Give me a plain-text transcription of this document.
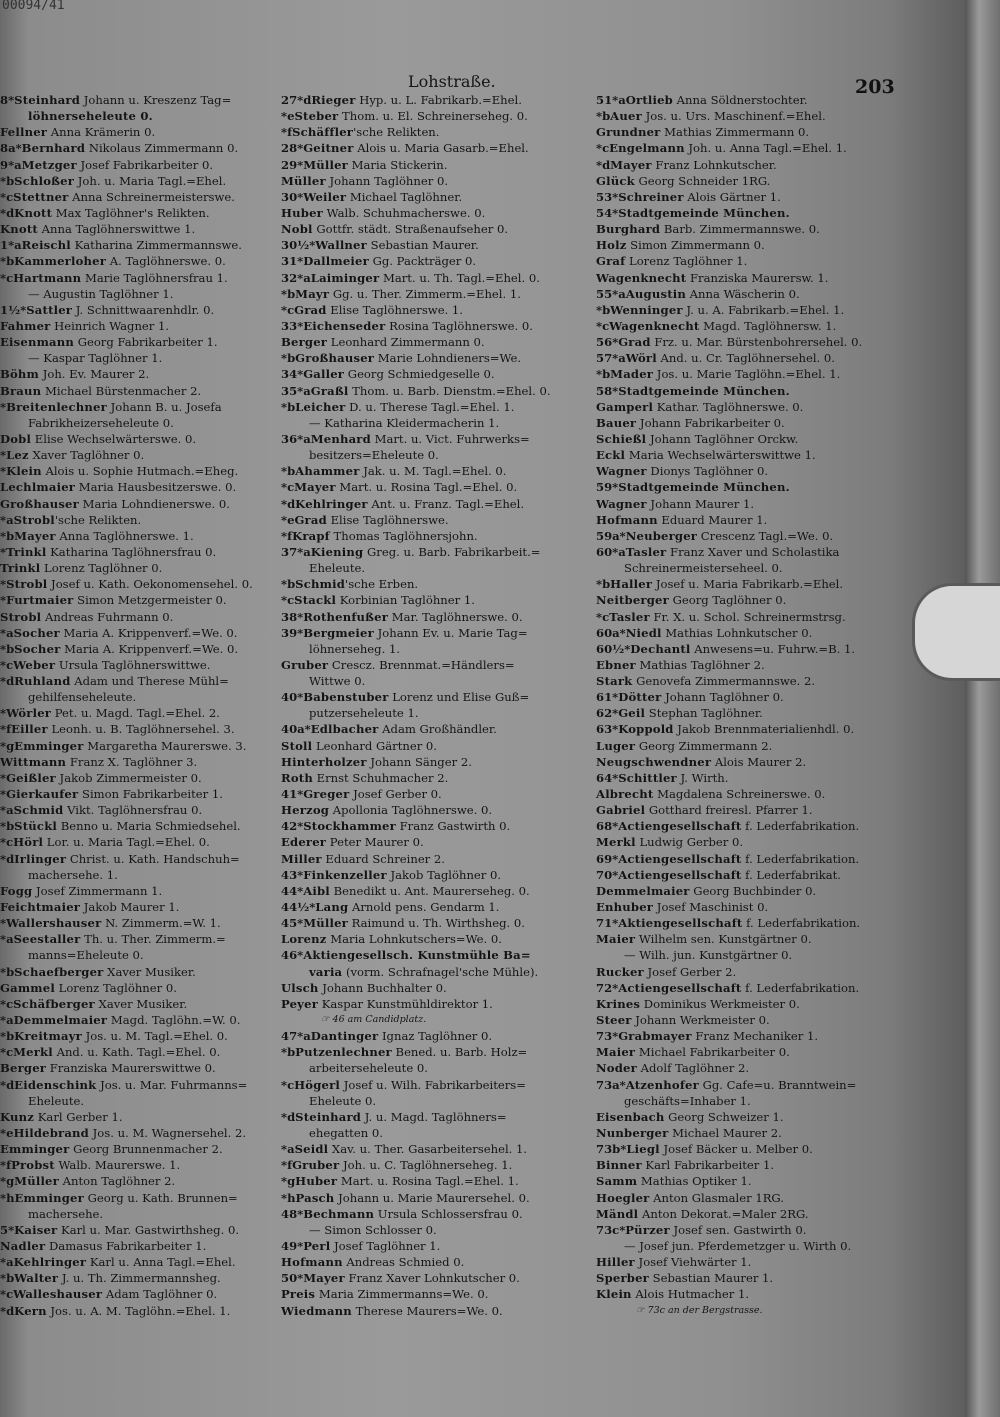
00094/41
Lohstraße.	203
8*Steinhard Johann u. Kreszenz Tag=
löhnerseheleute 0.
Fellner Anna Krämerin 0.
8a*Bernhard Nikolaus Zimmermann 0.
9*aMetzger Josef Fabrikarbeiter 0.
*bSchloßer Joh. u. Maria Tagl.=Ehel.
*cStettner Anna Schreinermeisterswe.
*dKnott Max Taglöhner's Relikten.
Knott Anna Taglöhnerswittwe 1.
1*aReischl Katharina Zimmermannswe.
*bKammerloher A. Taglöhnerswe. 0.
*cHartmann Marie Taglöhnersfrau 1.
— Augustin Taglöhner 1.
1½*Sattler J. Schnittwaarenhdlr. 0.
Fahmer Heinrich Wagner 1.
Eisenmann Georg Fabrikarbeiter 1.
— Kaspar Taglöhner 1.
Böhm Joh. Ev. Maurer 2.
Braun Michael Bürstenmacher 2.
*Breitenlechner Johann B. u. Josefa
Fabrikheizerseheleute 0.
Dobl Elise Wechselwärterswe. 0.
*Lez Xaver Taglöhner 0.
*Klein Alois u. Sophie Hutmach.=Eheg.
Lechlmaier Maria Hausbesitzerswe. 0.
Großhauser Maria Lohndienerswe. 0.
*aStrobl'sche Relikten.
*bMayer Anna Taglöhnerswe. 1.
*Trinkl Katharina Taglöhnersfrau 0.
Trinkl Lorenz Taglöhner 0.
*Strobl Josef u. Kath. Oekonomensehel. 0.
*Furtmaier Simon Metzgermeister 0.
Strobl Andreas Fuhrmann 0.
*aSocher Maria A. Krippenverf.=We. 0.
*bSocher Maria A. Krippenverf.=We. 0.
*cWeber Ursula Taglöhnerswittwe.
*dRuhland Adam und Therese Mühl=
gehilfenseheleute.
*Wörler Pet. u. Magd. Tagl.=Ehel. 2.
*fEiller Leonh. u. B. Taglöhnersehel. 3.
*gEmminger Margaretha Maurerswe. 3.
Wittmann Franz X. Taglöhner 3.
*Geißler Jakob Zimmermeister 0.
*Gierkaufer Simon Fabrikarbeiter 1.
*aSchmid Vikt. Taglöhnersfrau 0.
*bStückl Benno u. Maria Schmiedsehel.
*cHörl Lor. u. Maria Tagl.=Ehel. 0.
*dIrlinger Christ. u. Kath. Handschuh=
machersehe. 1.
Fogg Josef Zimmermann 1.
Feichtmaier Jakob Maurer 1.
*Wallershauser N. Zimmerm.=W. 1.
*aSeestaller Th. u. Ther. Zimmerm.=
manns=Eheleute 0.
*bSchaefberger Xaver Musiker.
Gammel Lorenz Taglöhner 0.
*cSchäfberger Xaver Musiker.
*aDemmelmaier Magd. Taglöhn.=W. 0.
*bKreitmayr Jos. u. M. Tagl.=Ehel. 0.
*cMerkl And. u. Kath. Tagl.=Ehel. 0.
Berger Franziska Maurerswittwe 0.
*dEidenschink Jos. u. Mar. Fuhrmanns=
Eheleute.
Kunz Karl Gerber 1.
*eHildebrand Jos. u. M. Wagnersehel. 2.
Emminger Georg Brunnenmacher 2.
*fProbst Walb. Maurerswe. 1.
*gMüller Anton Taglöhner 2.
*hEmminger Georg u. Kath. Brunnen=
machersehe.
5*Kaiser Karl u. Mar. Gastwirthsheg. 0.
Nadler Damasus Fabrikarbeiter 1.
*aKehlringer Karl u. Anna Tagl.=Ehel.
*bWalter J. u. Th. Zimmermannsheg.
*cWalleshauser Adam Taglöhner 0.
*dKern Jos. u. A. M. Taglöhn.=Ehel. 1.
27*dRieger Hyp. u. L. Fabrikarb.=Ehel.
*eSteber Thom. u. El. Schreinerseheg. 0.
*fSchäffler'sche Relikten.
28*Geitner Alois u. Maria Gasarb.=Ehel.
29*Müller Maria Stickerin.
Müller Johann Taglöhner 0.
30*Weiler Michael Taglöhner.
Huber Walb. Schuhmacherswe. 0.
Nobl Gottfr. städt. Straßenaufseher 0.
30½*Wallner Sebastian Maurer.
31*Dallmeier Gg. Packträger 0.
32*aLaiminger Mart. u. Th. Tagl.=Ehel. 0.
*bMayr Gg. u. Ther. Zimmerm.=Ehel. 1.
*cGrad Elise Taglöhnerswe. 1.
33*Eichenseder Rosina Taglöhnerswe. 0.
Berger Leonhard Zimmermann 0.
*bGroßhauser Marie Lohndieners=We.
34*Galler Georg Schmiedgeselle 0.
35*aGraßl Thom. u. Barb. Dienstm.=Ehel. 0.
*bLeicher D. u. Therese Tagl.=Ehel. 1.
— Katharina Kleidermacherin 1.
36*aMenhard Mart. u. Vict. Fuhrwerks=
besitzers=Eheleute 0.
*bAhammer Jak. u. M. Tagl.=Ehel. 0.
*cMayer Mart. u. Rosina Tagl.=Ehel. 0.
*dKehlringer Ant. u. Franz. Tagl.=Ehel.
*eGrad Elise Taglöhnerswe.
*fKrapf Thomas Taglöhnersjohn.
37*aKiening Greg. u. Barb. Fabrikarbeit.=
Eheleute.
*bSchmid'sche Erben.
*cStackl Korbinian Taglöhner 1.
38*Rothenfußer Mar. Taglöhnerswe. 0.
39*Bergmeier Johann Ev. u. Marie Tag=
löhnerseheg. 1.
Gruber Crescz. Brennmat.=Händlers=
Wittwe 0.
40*Babenstuber Lorenz und Elise Guß=
putzerseheleute 1.
40a*Edlbacher Adam Großhändler.
Stoll Leonhard Gärtner 0.
Hinterholzer Johann Sänger 2.
Roth Ernst Schuhmacher 2.
41*Greger Josef Gerber 0.
Herzog Apollonia Taglöhnerswe. 0.
42*Stockhammer Franz Gastwirth 0.
Ederer Peter Maurer 0.
Miller Eduard Schreiner 2.
43*Finkenzeller Jakob Taglöhner 0.
44*Aibl Benedikt u. Ant. Maurerseheg. 0.
44½*Lang Arnold pens. Gendarm 1.
45*Müller Raimund u. Th. Wirthsheg. 0.
Lorenz Maria Lohnkutschers=We. 0.
46*Aktiengesellsch. Kunstmühle Ba=
varia (vorm. Schrafnagel'sche Mühle).
Ulsch Johann Buchhalter 0.
Peyer Kaspar Kunstmühldirektor 1.
☞ 46 am Candidplatz.
47*aDantinger Ignaz Taglöhner 0.
*bPutzenlechner Bened. u. Barb. Holz=
arbeiterseheleute 0.
*cHögerl Josef u. Wilh. Fabrikarbeiters=
Eheleute 0.
*dSteinhard J. u. Magd. Taglöhners=
ehegatten 0.
*aSeidl Xav. u. Ther. Gasarbeitersehel. 1.
*fGruber Joh. u. C. Taglöhnerseheg. 1.
*gHuber Mart. u. Rosina Tagl.=Ehel. 1.
*hPasch Johann u. Marie Maurersehel. 0.
48*Bechmann Ursula Schlossersfrau 0.
— Simon Schlosser 0.
49*Perl Josef Taglöhner 1.
Hofmann Andreas Schmied 0.
50*Mayer Franz Xaver Lohnkutscher 0.
Preis Maria Zimmermanns=We. 0.
Wiedmann Therese Maurers=We. 0.
51*aOrtlieb Anna Söldnerstochter.
*bAuer Jos. u. Urs. Maschinenf.=Ehel.
Grundner Mathias Zimmermann 0.
*cEngelmann Joh. u. Anna Tagl.=Ehel. 1.
*dMayer Franz Lohnkutscher.
Glück Georg Schneider 1RG.
53*Schreiner Alois Gärtner 1.
54*Stadtgemeinde München.
Burghard Barb. Zimmermannswe. 0.
Holz Simon Zimmermann 0.
Graf Lorenz Taglöhner 1.
Wagenknecht Franziska Maurersw. 1.
55*aAugustin Anna Wäscherin 0.
*bWenninger J. u. A. Fabrikarb.=Ehel. 1.
*cWagenknecht Magd. Taglöhnersw. 1.
56*Grad Frz. u. Mar. Bürstenbohrersehel. 0.
57*aWörl And. u. Cr. Taglöhnersehel. 0.
*bMader Jos. u. Marie Taglöhn.=Ehel. 1.
58*Stadtgemeinde München.
Gamperl Kathar. Taglöhnerswe. 0.
Bauer Johann Fabrikarbeiter 0.
Schießl Johann Taglöhner Orckw.
Eckl Maria Wechselwärterswittwe 1.
Wagner Dionys Taglöhner 0.
59*Stadtgemeinde München.
Wagner Johann Maurer 1.
Hofmann Eduard Maurer 1.
59a*Neuberger Crescenz Tagl.=We. 0.
60*aTasler Franz Xaver und Scholastika
Schreinermeisterseheel. 0.
*bHaller Josef u. Maria Fabrikarb.=Ehel.
Neitberger Georg Taglöhner 0.
*cTasler Fr. X. u. Schol. Schreinermstrsg.
60a*Niedl Mathias Lohnkutscher 0.
60½*Dechantl Anwesens=u. Fuhrw.=B. 1.
Ebner Mathias Taglöhner 2.
Stark Genovefa Zimmermannswe. 2.
61*Dötter Johann Taglöhner 0.
62*Geil Stephan Taglöhner.
63*Koppold Jakob Brennmaterialienhdl. 0.
Luger Georg Zimmermann 2.
Neugschwendner Alois Maurer 2.
64*Schittler J. Wirth.
Albrecht Magdalena Schreinerswe. 0.
Gabriel Gotthard freiresl. Pfarrer 1.
68*Actiengesellschaft f. Lederfabrikation.
Merkl Ludwig Gerber 0.
69*Actiengesellschaft f. Lederfabrikation.
70*Actiengesellschaft f. Lederfabrikat.
Demmelmaier Georg Buchbinder 0.
Enhuber Josef Maschinist 0.
71*Aktiengesellschaft f. Lederfabrikation.
Maier Wilhelm sen. Kunstgärtner 0.
— Wilh. jun. Kunstgärtner 0.
Rucker Josef Gerber 2.
72*Actiengesellschaft f. Lederfabrikation.
Krines Dominikus Werkmeister 0.
Steer Johann Werkmeister 0.
73*Grabmayer Franz Mechaniker 1.
Maier Michael Fabrikarbeiter 0.
Noder Adolf Taglöhner 2.
73a*Atzenhofer Gg. Cafe=u. Branntwein=
geschäfts=Inhaber 1.
Eisenbach Georg Schweizer 1.
Nunberger Michael Maurer 2.
73b*Liegl Josef Bäcker u. Melber 0.
Binner Karl Fabrikarbeiter 1.
Samm Mathias Optiker 1.
Hoegler Anton Glasmaler 1RG.
Mändl Anton Dekorat.=Maler 2RG.
73c*Pürzer Josef sen. Gastwirth 0.
— Josef jun. Pferdemetzger u. Wirth 0.
Hiller Josef Viehwärter 1.
Sperber Sebastian Maurer 1.
Klein Alois Hutmacher 1.
☞ 73c an der Bergstrasse.
